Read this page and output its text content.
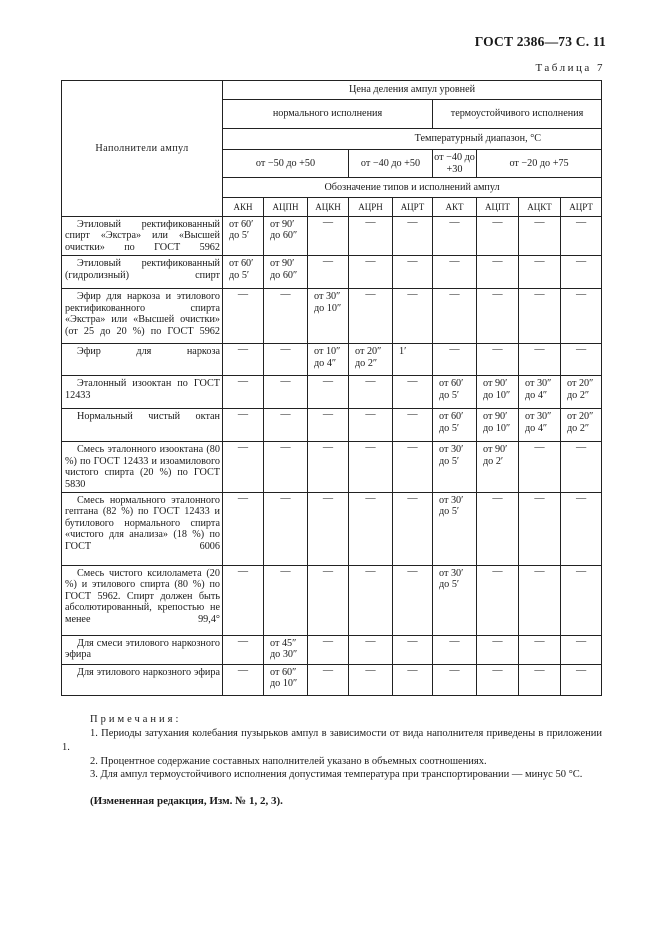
ГОСТ 2386—73 С. 11
Таблица 7
Наполнители ампул	Цена деления ампул уровней								
	нормального исполнения					термоустойчивого исполнения			
	Температурный диапазон, °С								
	от −50 до +50			от −40 до +50		от −40 до +30	от −20 до +75		
	Обозначение типов и исполнений ампул								
	АКН	АЦПН	АЦКН	АЦРН	АЦРТ	АКТ	АЦПТ	АЦКТ	АЦРТ

Этиловый ректификованный спирт «Экстра» или «Высшей очистки» по ГОСТ 5962	от 60′ до 5′	от 90′ до 60″	—	—	—	—	—	—	—

Этиловый ректификованный (гидролизный) спирт	от 60′ до 5′	от 90′ до 60″	—	—	—	—	—	—	—

Эфир для наркоза и этилового ректификованного спирта «Экстра» или «Высшей очистки» (от 25 до 20 %) по ГОСТ 5962	—	—	от 30″ до 10″	—	—	—	—	—	—

Эфир для наркоза	—	—	от 10″ до 4″	от 20″ до 2″	1′	—	—	—	—

Эталонный изооктан по ГОСТ 12433	—	—	—	—	—	от 60′ до 5′	от 90′ до 10″	от 30″ до 4″	от 20″ до 2″

Нормальный чистый октан	—	—	—	—	—	от 60′ до 5′	от 90′ до 10″	от 30″ до 4″	от 20″ до 2″

Смесь эталонного изооктана (80 %) по ГОСТ 12433 и изоамилового чистого спирта (20 %) по ГОСТ 5830	—	—	—	—	—	от 30′ до 5′	от 90′ до 2′	—	—

Смесь нормального эталонного гептана (82 %) по ГОСТ 12433 и бутилового нормального спирта «чистого для анализа» (18 %) по ГОСТ 6006	—	—	—	—	—	от 30′ до 5′	—	—	—

Смесь чистого ксилоламета (20 %) и этилового спирта (80 %) по ГОСТ 5962. Спирт должен быть абсолютированный, крепостью не менее 99,4°	—	—	—	—	—	от 30′ до 5′	—	—	—

Для смеси этилового наркозного эфира	—	от 45″ до 30″	—	—	—	—	—	—	—

Для этилового наркозного эфира	—	от 60″ до 10″	—	—	—	—	—	—	—
Примечания:

1. Периоды затухания колебания пузырьков ампул в зависимости от вида наполнителя приведены в приложении 1.

2. Процентное содержание составных наполнителей указано в объемных соотношениях.

3. Для ампул термоустойчивого исполнения допустимая температура при транспортировании — минус 50 °С.

(Измененная редакция, Изм. № 1, 2, 3).
